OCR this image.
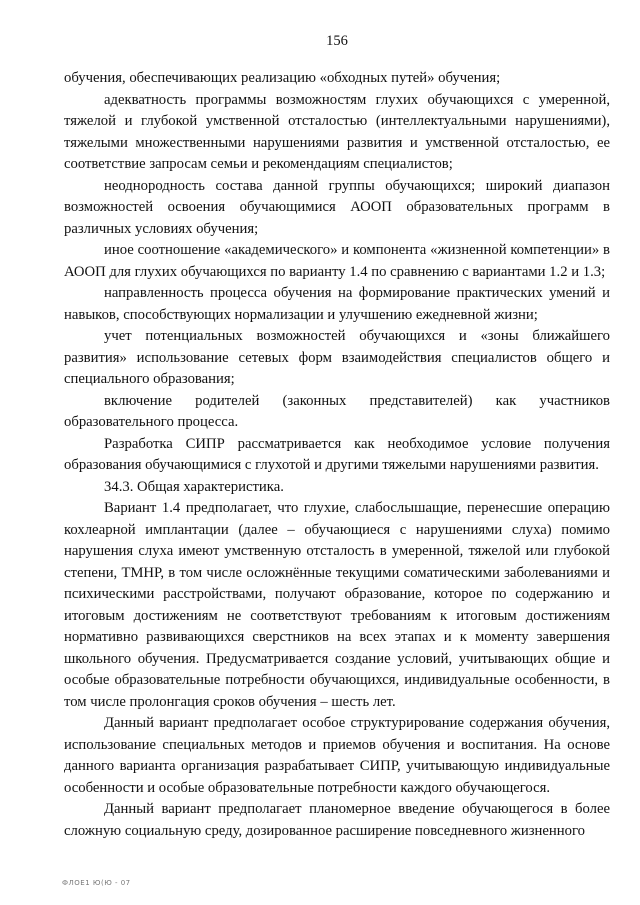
156

обучения, обеспечивающих реализацию «обходных путей» обучения;

адекватность программы возможностям глухих обучающихся с умеренной, тяжелой и глубокой умственной отсталостью (интеллектуальными нарушениями), тяжелыми множественными нарушениями развития и умственной отсталостью, ее соответствие запросам семьи и рекомендациям специалистов;

неоднородность состава данной группы обучающихся; широкий диапазон возможностей освоения обучающимися АООП образовательных программ в различных условиях обучения;

иное соотношение «академического» и компонента «жизненной компетенции» в АООП для глухих обучающихся по варианту 1.4 по сравнению с вариантами 1.2 и 1.3;

направленность процесса обучения на формирование практических умений и навыков, способствующих нормализации и улучшению ежедневной жизни;

учет потенциальных возможностей обучающихся и «зоны ближайшего развития» использование сетевых форм взаимодействия специалистов общего и специального образования;

включение родителей (законных представителей) как участников образовательного процесса.

Разработка СИПР рассматривается как необходимое условие получения образования обучающимися с глухотой и другими тяжелыми нарушениями развития.

34.3. Общая характеристика.

Вариант 1.4 предполагает, что глухие, слабослышащие, перенесшие операцию кохлеарной имплантации (далее – обучающиеся с нарушениями слуха) помимо нарушения слуха имеют умственную отсталость в умеренной, тяжелой или глубокой степени, ТМНР, в том числе осложнённые текущими соматическими заболеваниями и психическими расстройствами, получают образование, которое по содержанию и итоговым достижениям не соответствуют требованиям к итоговым достижениям нормативно развивающихся сверстников на всех этапах и к моменту завершения школьного обучения. Предусматривается создание условий, учитывающих общие и особые образовательные потребности обучающихся, индивидуальные особенности, в том числе пролонгация сроков обучения – шесть лет.

Данный вариант предполагает особое структурирование содержания обучения, использование специальных методов и приемов обучения и воспитания. На основе данного варианта организация разрабатывает СИПР, учитывающую индивидуальные особенности и особые образовательные потребности каждого обучающегося.

Данный вариант предполагает планомерное введение обучающегося в более сложную социальную среду, дозированное расширение повседневного жизненного

ФЛОЕ1 Ю(Ю - 07
